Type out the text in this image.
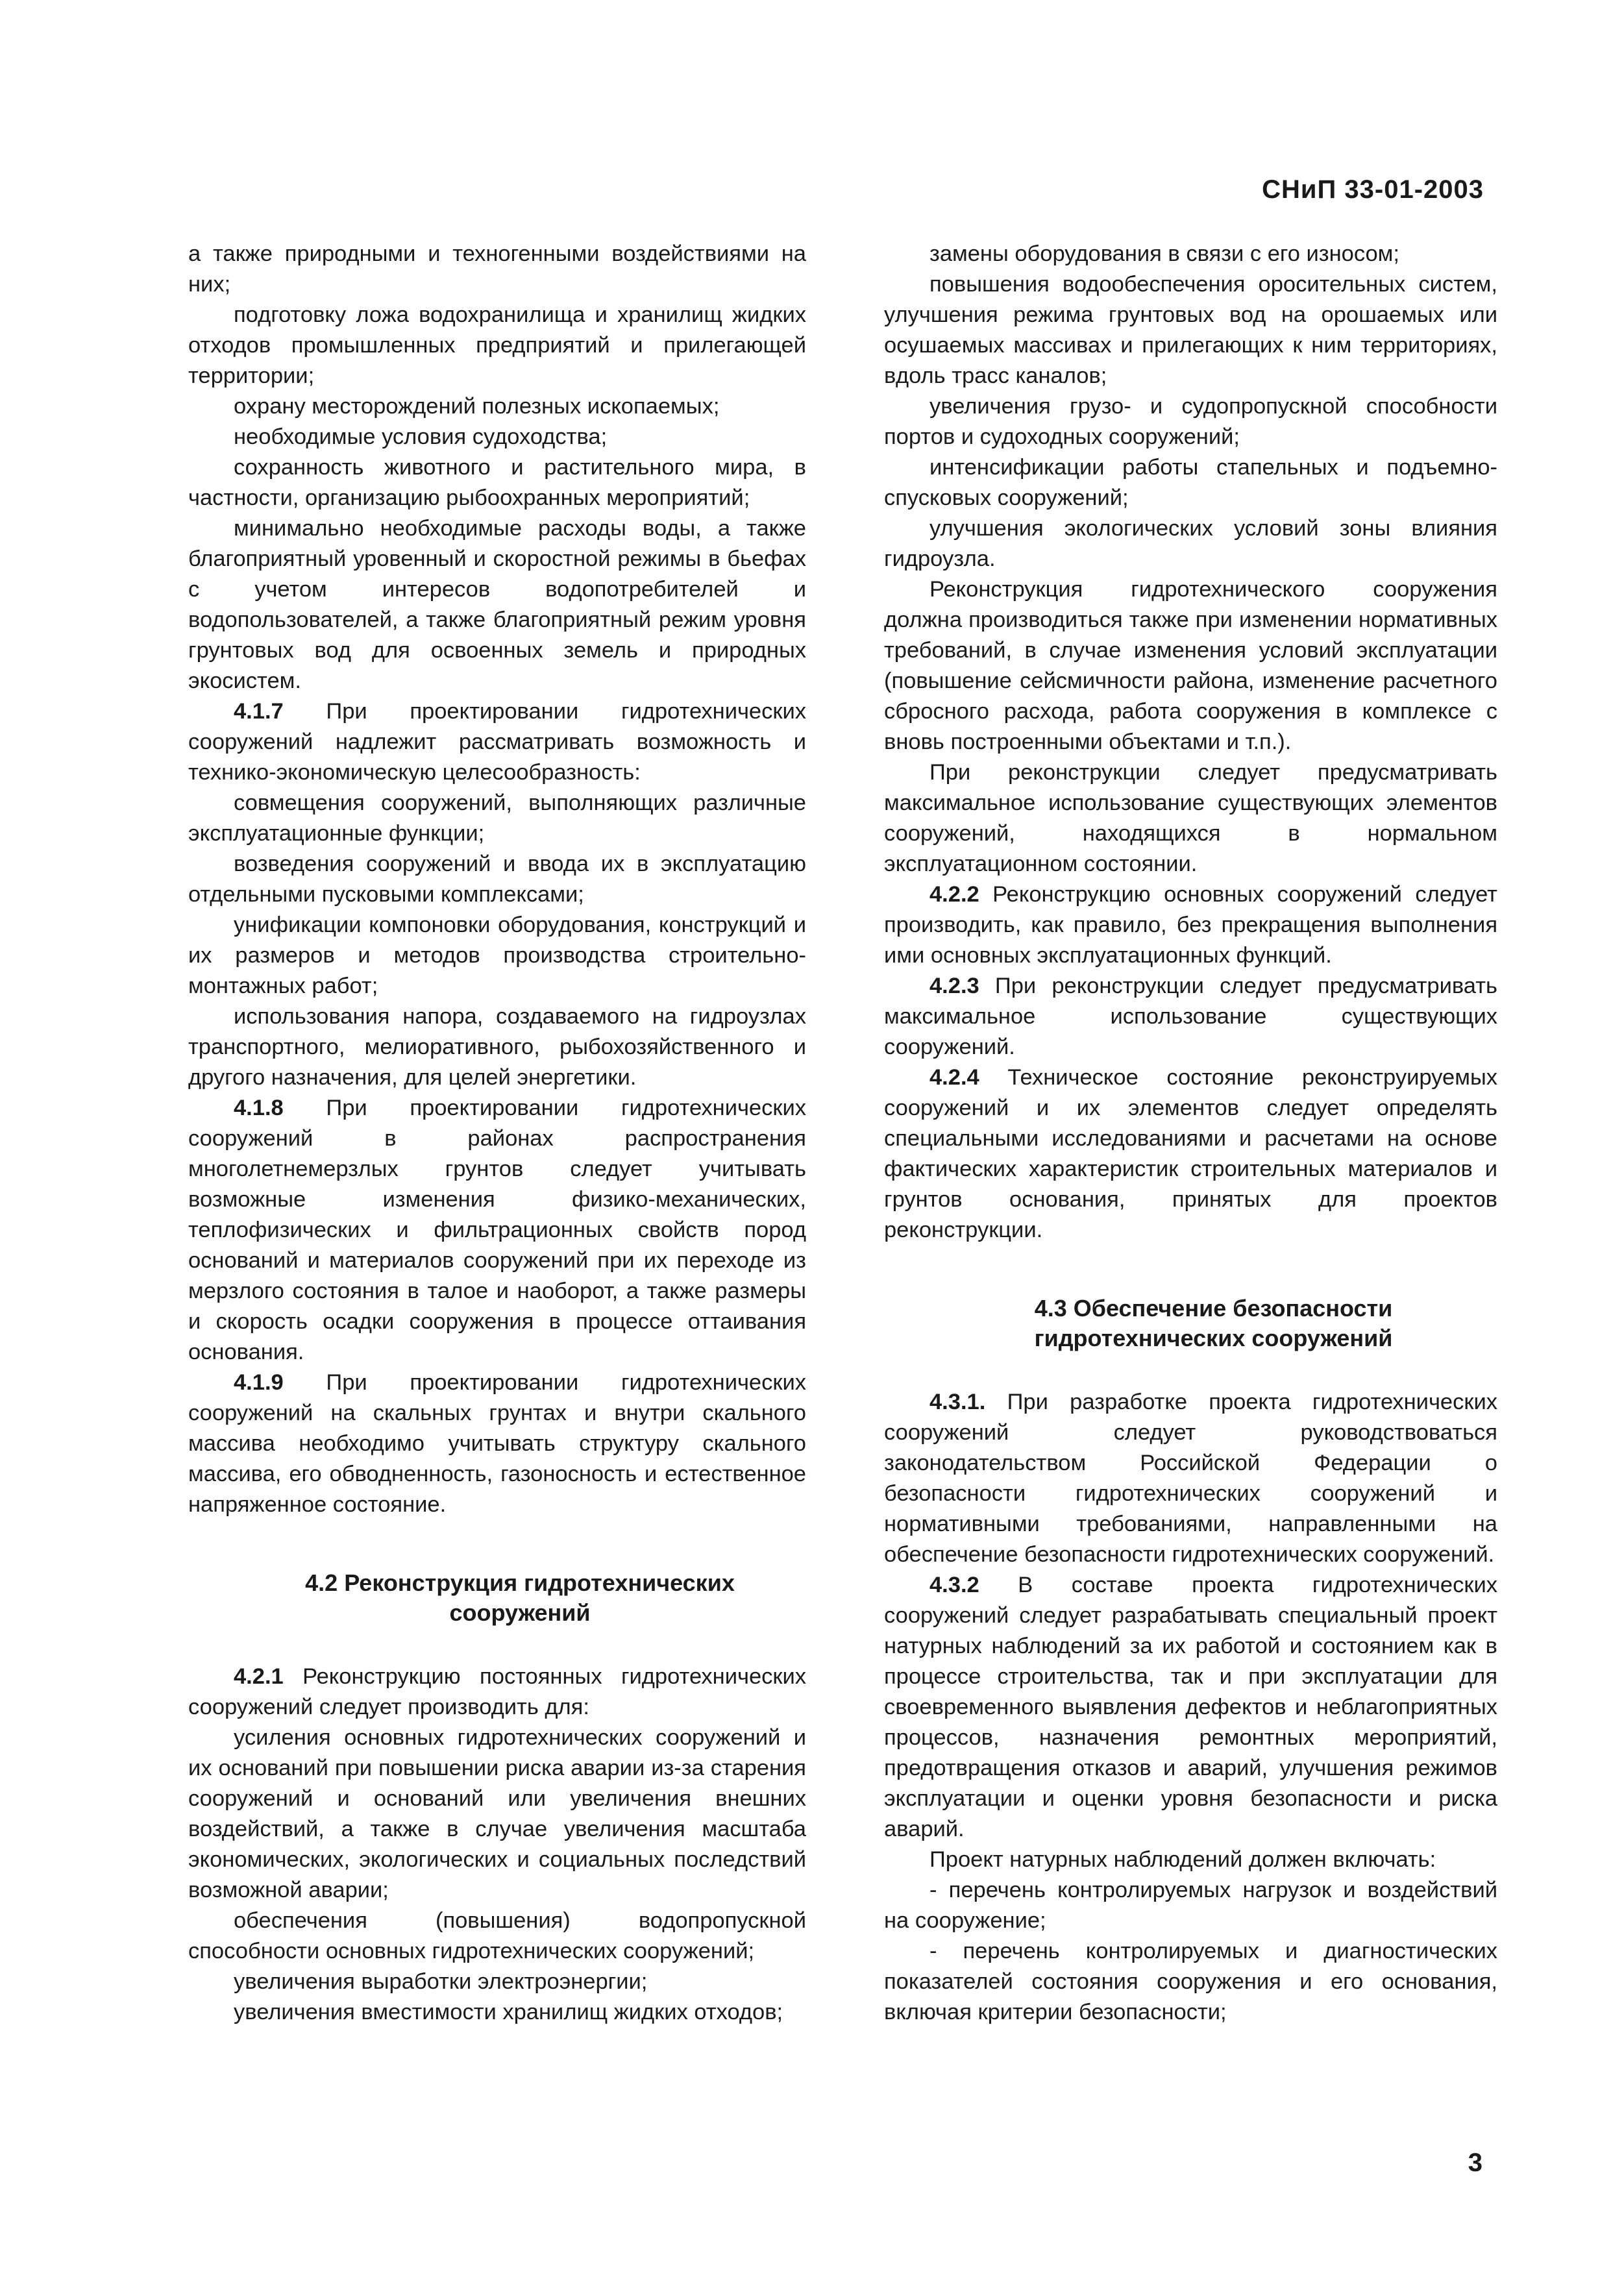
СНиП 33-01-2003

а также природными и техногенными воздействиями на них;

подготовку ложа водохранилища и хранилищ жидких отходов промышленных предприятий и прилегающей территории;

охрану месторождений полезных ископаемых;

необходимые условия судоходства;

сохранность животного и растительного мира, в частности, организацию рыбоохранных мероприятий;

минимально необходимые расходы воды, а также благоприятный уровенный и скоростной режимы в бьефах с учетом интересов водопотребителей и водопользователей, а также благоприятный режим уровня грунтовых вод для освоенных земель и природных экосистем.

4.1.7 При проектировании гидротехнических сооружений надлежит рассматривать возможность и технико-экономическую целесообразность:

совмещения сооружений, выполняющих различные эксплуатационные функции;

возведения сооружений и ввода их в эксплуатацию отдельными пусковыми комплексами;

унификации компоновки оборудования, конструкций и их размеров и методов производства строительно-монтажных работ;

использования напора, создаваемого на гидроузлах транспортного, мелиоративного, рыбохозяйственного и другого назначения, для целей энергетики.

4.1.8 При проектировании гидротехнических сооружений в районах распространения многолетнемерзлых грунтов следует учитывать возможные изменения физико-механических, теплофизических и фильтрационных свойств пород оснований и материалов сооружений при их переходе из мерзлого состояния в талое и наоборот, а также размеры и скорость осадки сооружения в процессе оттаивания основания.

4.1.9 При проектировании гидротехнических сооружений на скальных грунтах и внутри скального массива необходимо учитывать структуру скального массива, его обводненность, газоносность и естественное напряженное состояние.

4.2 Реконструкция гидротехнических сооружений

4.2.1 Реконструкцию постоянных гидротехнических сооружений следует производить для:

усиления основных гидротехнических сооружений и их оснований при повышении риска аварии из-за старения сооружений и оснований или увеличения внешних воздействий, а также в случае увеличения масштаба экономических, экологических и социальных последствий возможной аварии;

обеспечения (повышения) водопропускной способности основных гидротехнических сооружений;

увеличения выработки электроэнергии;

увеличения вместимости хранилищ жидких отходов;

замены оборудования в связи с его износом;

повышения водообеспечения оросительных систем, улучшения режима грунтовых вод на орошаемых или осушаемых массивах и прилегающих к ним территориях, вдоль трасс каналов;

увеличения грузо- и судопропускной способности портов и судоходных сооружений;

интенсификации работы стапельных и подъемно-спусковых сооружений;

улучшения экологических условий зоны влияния гидроузла.

Реконструкция гидротехнического сооружения должна производиться также при изменении нормативных требований, в случае изменения условий эксплуатации (повышение сейсмичности района, изменение расчетного сбросного расхода, работа сооружения в комплексе с вновь построенными объектами и т.п.).

При реконструкции следует предусматривать максимальное использование существующих элементов сооружений, находящихся в нормальном эксплуатационном состоянии.

4.2.2 Реконструкцию основных сооружений следует производить, как правило, без прекращения выполнения ими основных эксплуатационных функций.

4.2.3 При реконструкции следует предусматривать максимальное использование существующих сооружений.

4.2.4 Техническое состояние реконструируемых сооружений и их элементов следует определять специальными исследованиями и расчетами на основе фактических характеристик строительных материалов и грунтов основания, принятых для проектов реконструкции.

4.3 Обеспечение безопасности гидротехнических сооружений

4.3.1. При разработке проекта гидротехнических сооружений следует руководствоваться законодательством Российской Федерации о безопасности гидротехнических сооружений и нормативными требованиями, направленными на обеспечение безопасности гидротехнических сооружений.

4.3.2 В составе проекта гидротехнических сооружений следует разрабатывать специальный проект натурных наблюдений за их работой и состоянием как в процессе строительства, так и при эксплуатации для своевременного выявления дефектов и неблагоприятных процессов, назначения ремонтных мероприятий, предотвращения отказов и аварий, улучшения режимов эксплуатации и оценки уровня безопасности и риска аварий.

Проект натурных наблюдений должен включать:

- перечень контролируемых нагрузок и воздействий на сооружение;

- перечень контролируемых и диагностических показателей состояния сооружения и его основания, включая критерии безопасности;

3
